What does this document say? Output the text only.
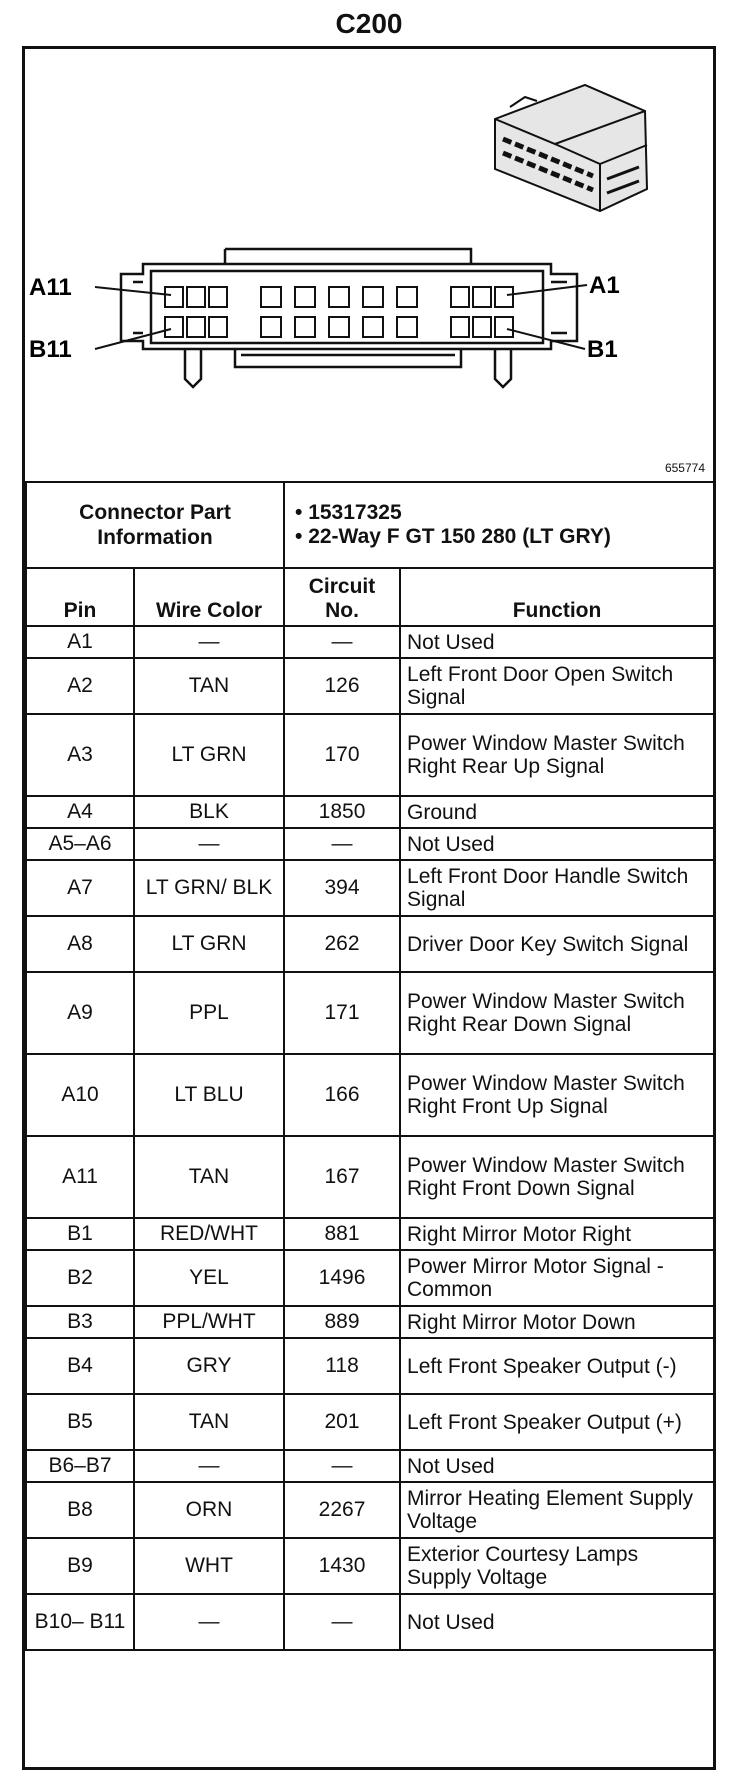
C200
A11	A1
B11	B1
655774
Connector Part Information		• 15317325
• 22-Way F GT 150 280 (LT GRY)	

Pin	Wire Color	Circuit No.	Function
A1	—	—	Not Used
A2	TAN	126	Left Front Door Open Switch Signal
A3	LT GRN	170	Power Window Master Switch Right Rear Up Signal
A4	BLK	1850	Ground
A5–A6	—	—	Not Used
A7	LT GRN/ BLK	394	Left Front Door Handle Switch Signal
A8	LT GRN	262	Driver Door Key Switch Signal
A9	PPL	171	Power Window Master Switch Right Rear Down Signal
A10	LT BLU	166	Power Window Master Switch Right Front Up Signal
A11	TAN	167	Power Window Master Switch Right Front Down Signal
B1	RED/WHT	881	Right Mirror Motor Right
B2	YEL	1496	Power Mirror Motor Signal - Common
B3	PPL/WHT	889	Right Mirror Motor Down
B4	GRY	118	Left Front Speaker Output (-)
B5	TAN	201	Left Front Speaker Output (+)
B6–B7	—	—	Not Used
B8	ORN	2267	Mirror Heating Element Supply Voltage
B9	WHT	1430	Exterior Courtesy Lamps Supply Voltage
B10– B11	—	—	Not Used
